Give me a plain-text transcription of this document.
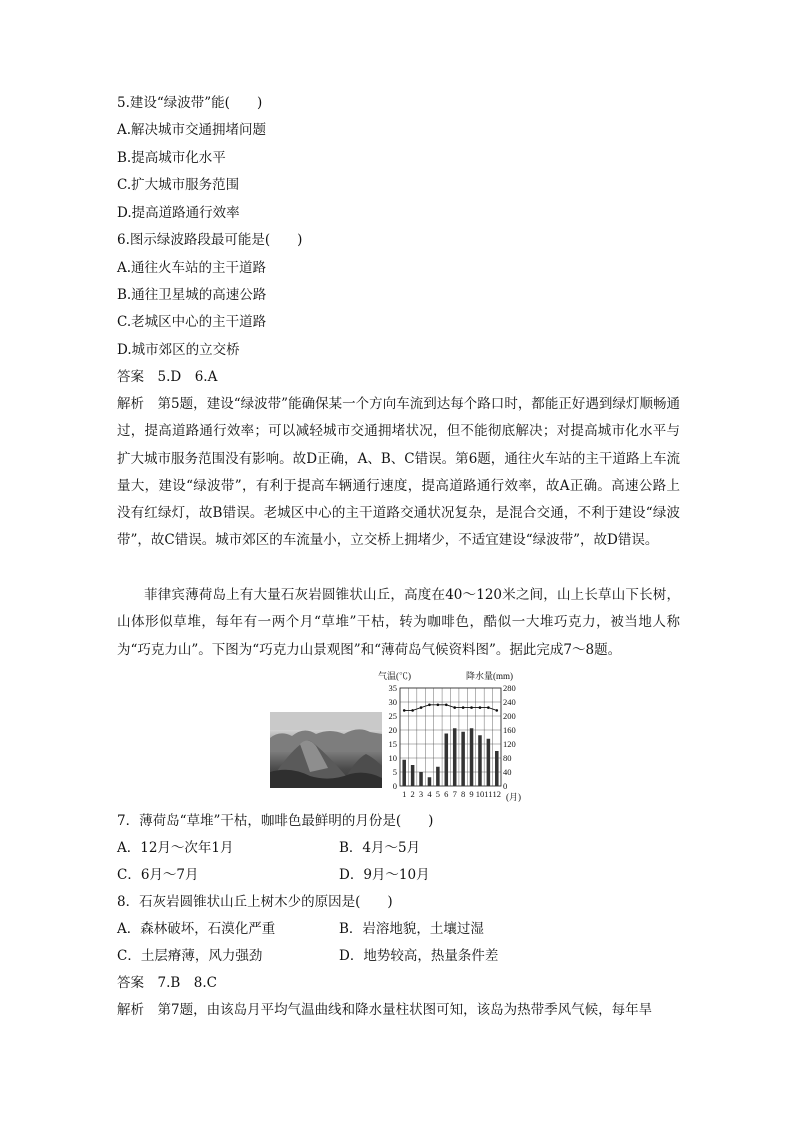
5.建设“绿波带”能(　　)
A.解决城市交通拥堵问题
B.提高城市化水平
C.扩大城市服务范围
D.提高道路通行效率
6.图示绿波路段最可能是(　　)
A.通往火车站的主干道路
B.通往卫星城的高速公路
C.老城区中心的主干道路
D.城市郊区的立交桥
答案　5.D　6.A
解析　第5题，建设“绿波带”能确保某一个方向车流到达每个路口时，都能正好遇到绿灯顺畅通过，提高道路通行效率；可以减轻城市交通拥堵状况，但不能彻底解决；对提高城市化水平与扩大城市服务范围没有影响。故D正确，A、B、C错误。第6题，通往火车站的主干道路上车流量大，建设“绿波带”，有利于提高车辆通行速度，提高道路通行效率，故A正确。高速公路上没有红绿灯，故B错误。老城区中心的主干道路交通状况复杂，是混合交通，不利于建设“绿波带”，故C错误。城市郊区的车流量小，立交桥上拥堵少，不适宜建设“绿波带”，故D错误。
菲律宾薄荷岛上有大量石灰岩圆锥状山丘，高度在40～120米之间，山上长草山下长树，山体形似草堆，每年有一两个月“草堆”干枯，转为咖啡色，酷似一大堆巧克力，被当地人称为“巧克力山”。下图为“巧克力山景观图”和“薄荷岛气候资料图”。据此完成7～8题。
气温(℃)	降水量(mm)
0
5
10
15
20
25
30
35
0
40
80
120
160
200
240
280
1 2 3 4 5 6 7 8 9 10 11 12 (月)
7．薄荷岛“草堆”干枯，咖啡色最鲜明的月份是(　　)
A．12月～次年1月	B．4月～5月
C．6月～7月	D．9月～10月
8．石灰岩圆锥状山丘上树木少的原因是(　　)
A．森林破坏，石漠化严重	B．岩溶地貌，土壤过湿
C．土层瘠薄，风力强劲	D．地势较高，热量条件差
答案　7.B　8.C
解析　第7题，由该岛月平均气温曲线和降水量柱状图可知，该岛为热带季风气候，每年旱
